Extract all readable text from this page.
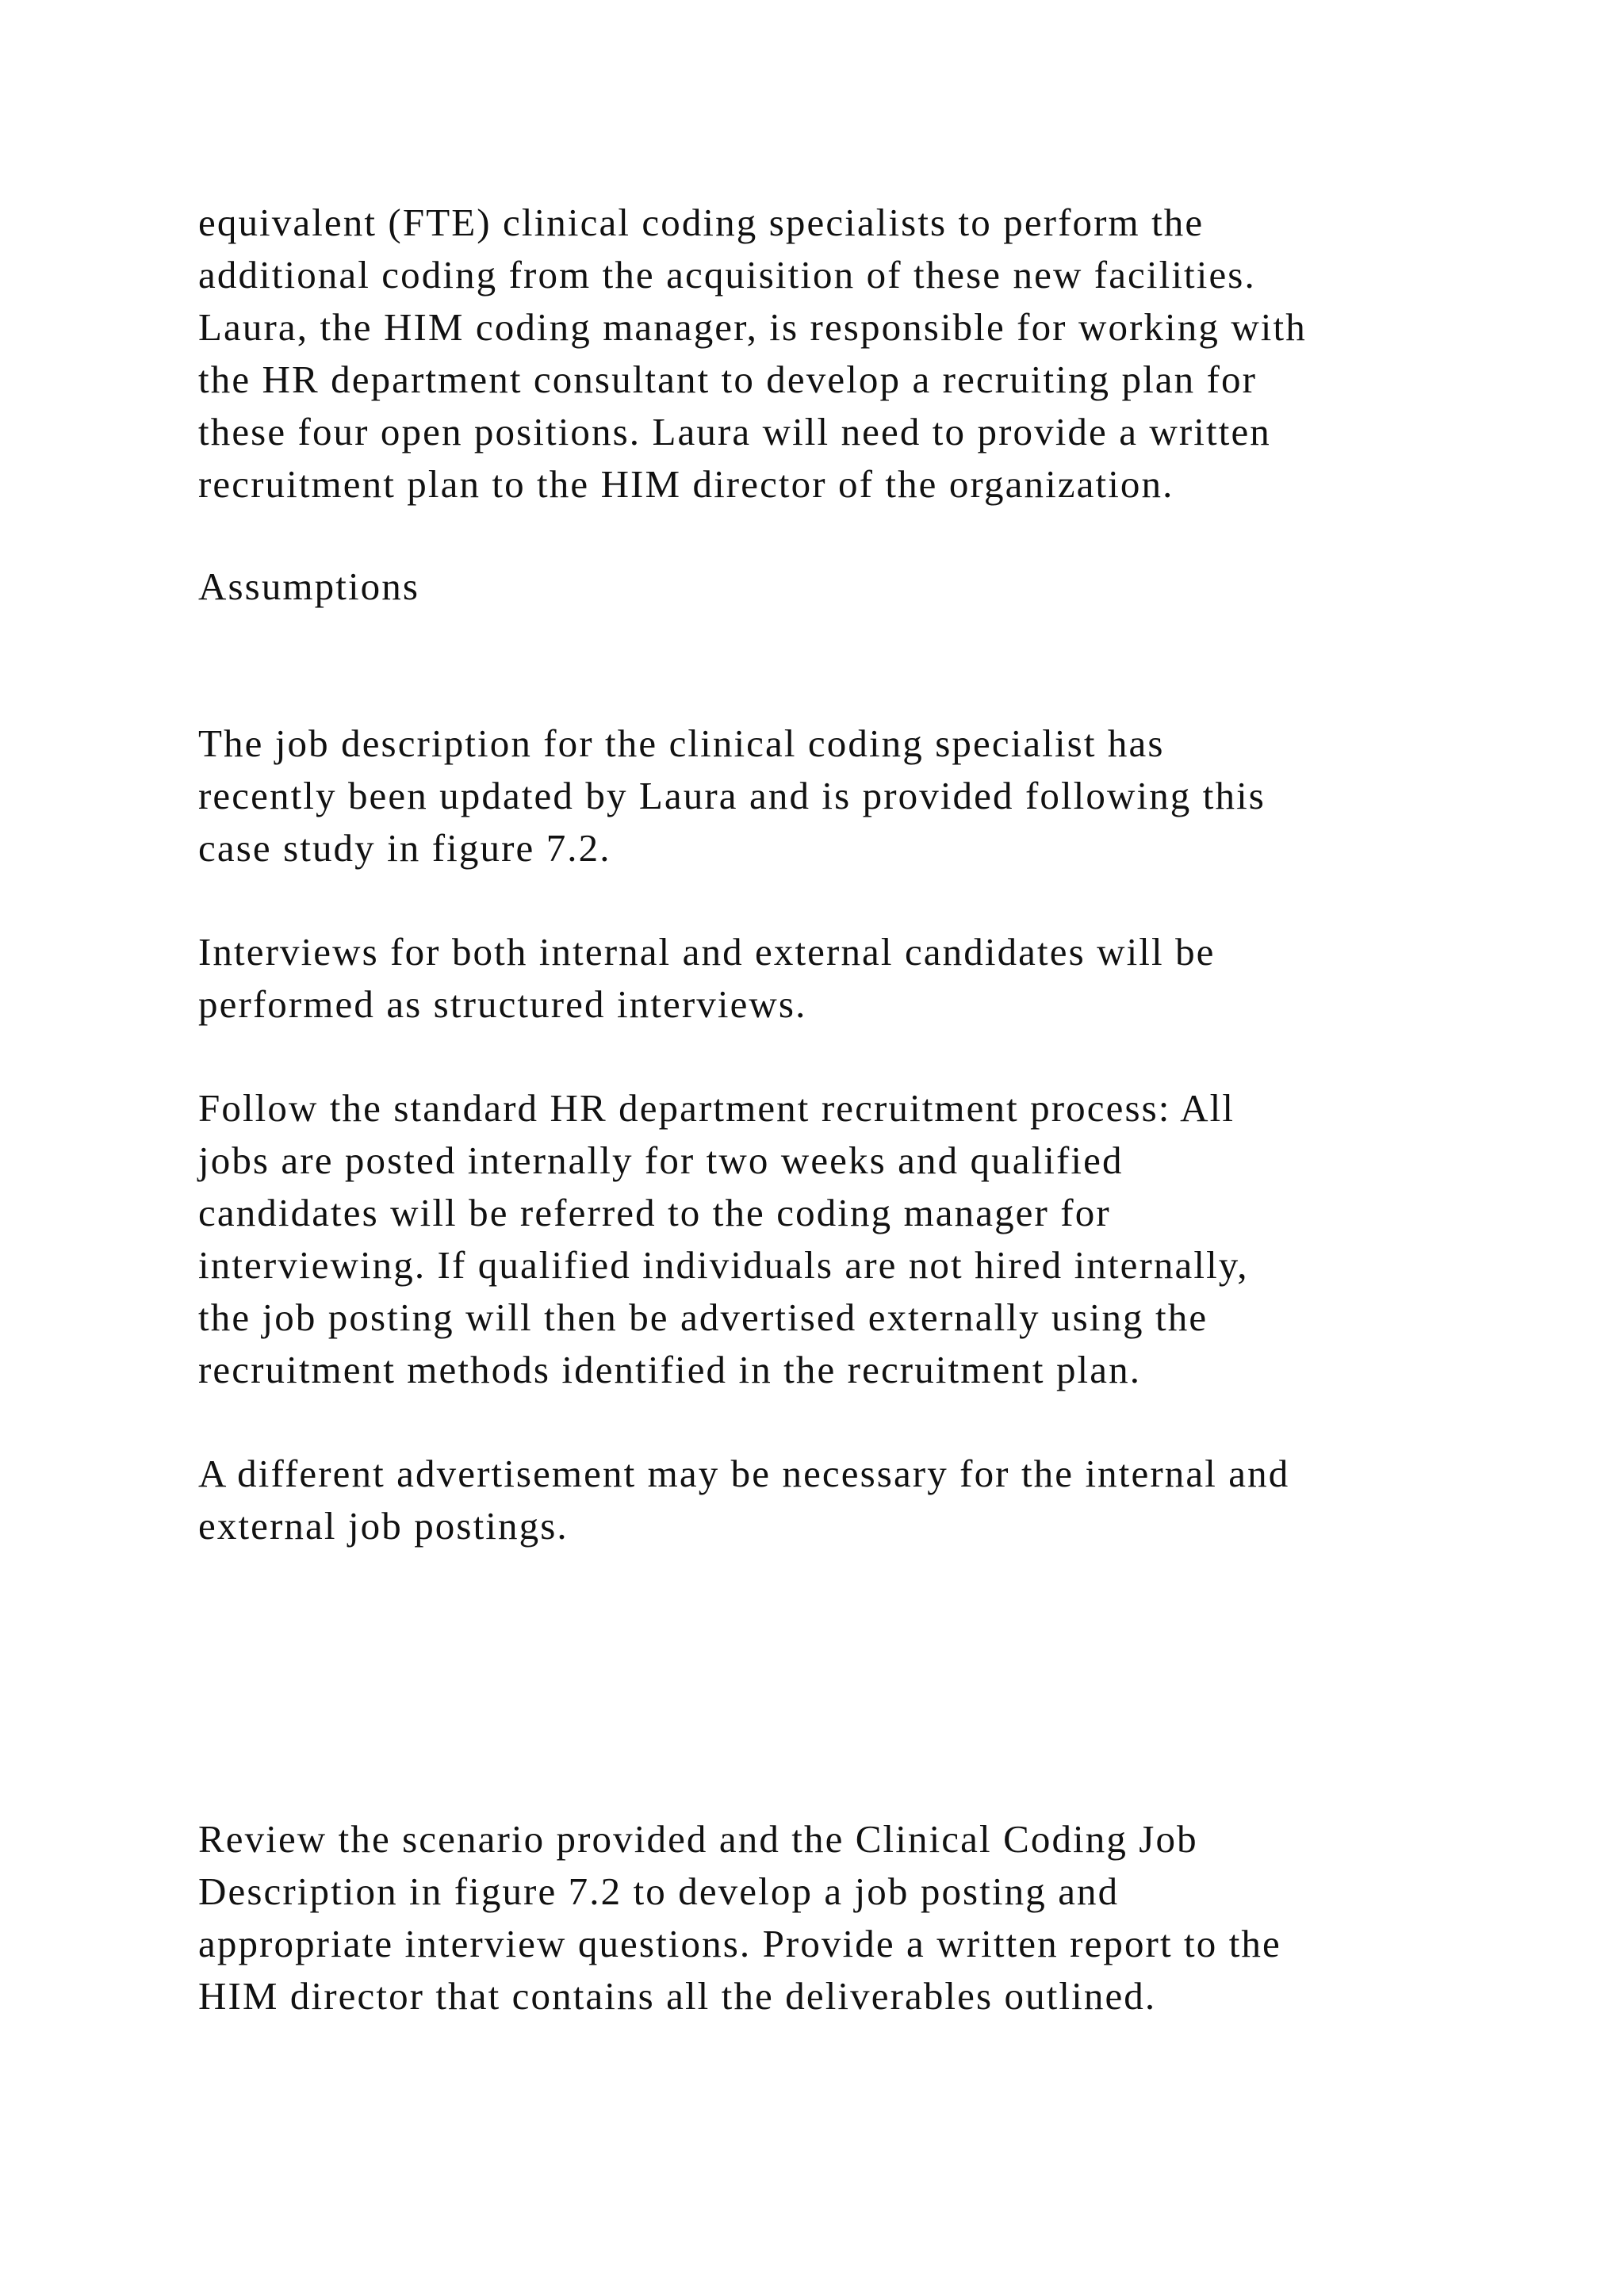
equivalent (FTE) clinical coding specialists to perform the
additional coding from the acquisition of these new facilities.
Laura, the HIM coding manager, is responsible for working with
the HR department consultant to develop a recruiting plan for
these four open positions. Laura will need to provide a written
recruitment plan to the HIM director of the organization.

Assumptions

The job description for the clinical coding specialist has
recently been updated by Laura and is provided following this
case study in figure 7.2.

Interviews for both internal and external candidates will be
performed as structured interviews.

Follow the standard HR department recruitment process: All
jobs are posted internally for two weeks and qualified
candidates will be referred to the coding manager for
interviewing. If qualified individuals are not hired internally,
the job posting will then be advertised externally using the
recruitment methods identified in the recruitment plan.

A different advertisement may be necessary for the internal and
external job postings.

Review the scenario provided and the Clinical Coding Job
Description in figure 7.2 to develop a job posting and
appropriate interview questions. Provide a written report to the
HIM director that contains all the deliverables outlined.
